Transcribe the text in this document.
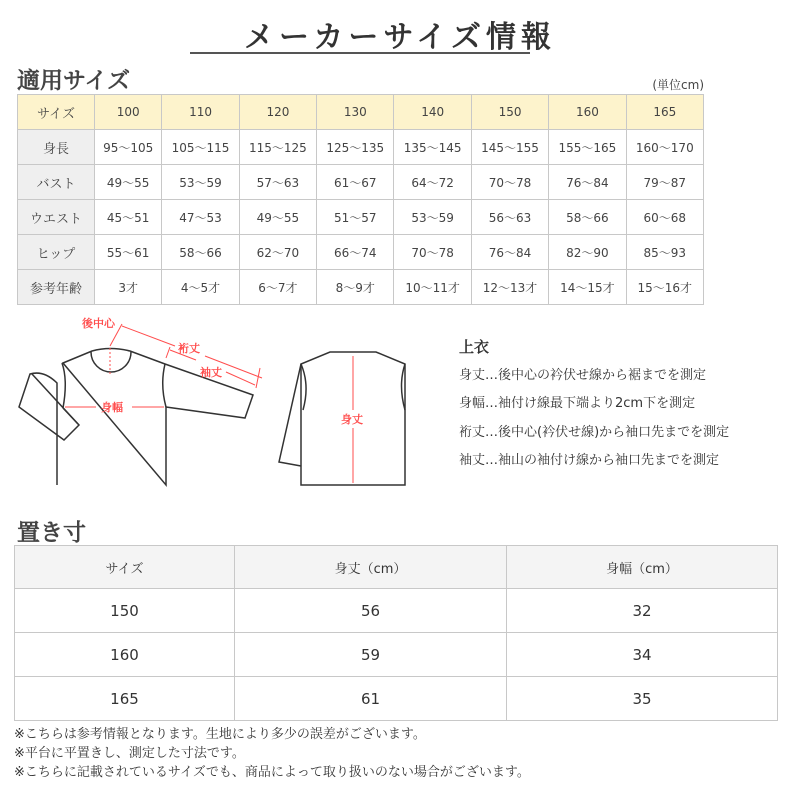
メーカーサイズ情報
適用サイズ	(単位cm)
サイズ	100	110	120	130	140	150	160	165
身長	95〜105	105〜115	115〜125	125〜135	135〜145	145〜155	155〜165	160〜170
バスト	49〜55	53〜59	57〜63	61〜67	64〜72	70〜78	76〜84	79〜87
ウエスト	45〜51	47〜53	49〜55	51〜57	53〜59	56〜63	58〜66	60〜68
ヒップ	55〜61	58〜66	62〜70	66〜74	70〜78	76〜84	82〜90	85〜93
参考年齢	3才	4〜5才	6〜7才	8〜9才	10〜11才	12〜13才	14〜15才	15〜16才
後中心
裄丈
袖丈
身幅
身丈
上衣
身丈…後中心の衿伏せ線から裾までを測定
身幅…袖付け線最下端より2cm下を測定
裄丈…後中心(衿伏せ線)から袖口先までを測定
袖丈…袖山の袖付け線から袖口先までを測定
置き寸
サイズ	身丈（cm）	身幅（cm）
150	56	32
160	59	34
165	61	35
※こちらは参考情報となります。生地により多少の誤差がございます。
※平台に平置きし、測定した寸法です。
※こちらに記載されているサイズでも、商品によって取り扱いのない場合がございます。
